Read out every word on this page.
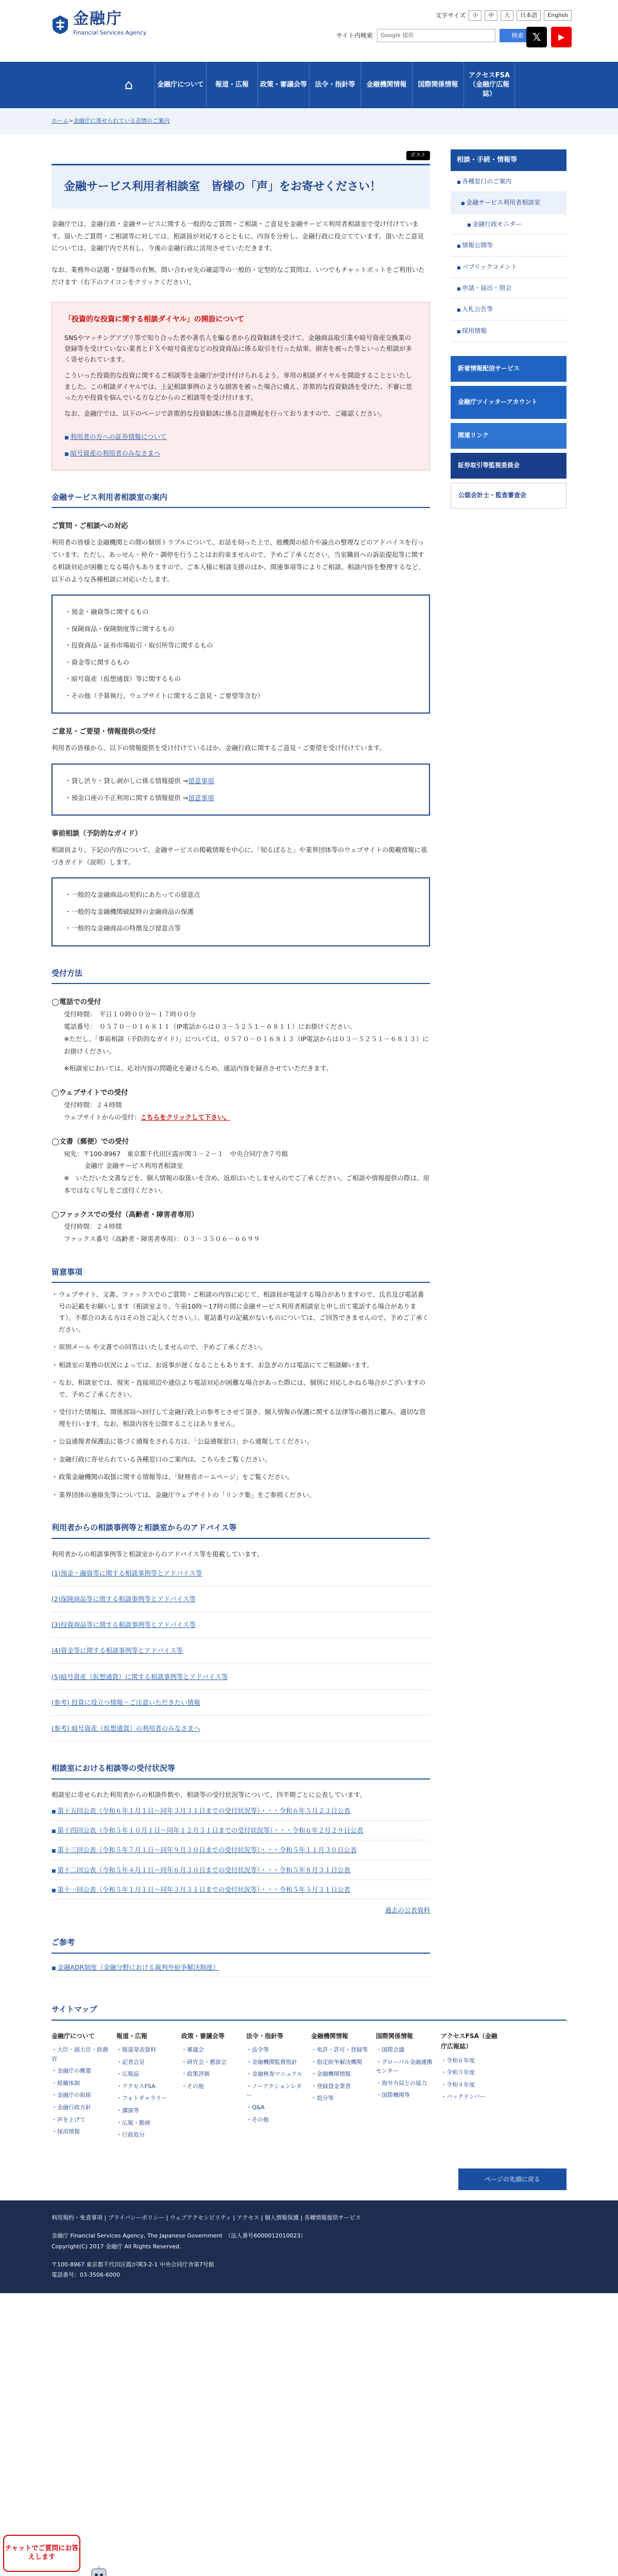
金融庁
Financial Services Agency
文字サイズ	小	中	大	日本語	English
サイト内検索	Google 提供	検索 𝕏	▶
⌂	金融庁について	報道・広報	政策・審議会等	法令・指針等	金融機関情報	国際関係情報
アクセスFSA（金融庁広報誌）
ホーム > 金融庁に寄せられている苦情のご案内
ポスト
金融サービス利用者相談室　皆様の「声」をお寄せください！

金融庁では、金融行政・金融サービスに関する一般的なご質問・ご相談・ご意見を金融サービス利用者相談室で受け付けています。頂いたご質問・ご相談等に対しては、相談員が対応するとともに、内容を分析し、金融行政に役立てています。頂いたご意見については、金融庁内で共有し、今後の金融行政に活用させていただきます。

なお、業務外の話題・登録等の有無、間い合わせ先の確認等の一般的・定型的なご質問は、いつでもチャットボットをご利用いただけます（右下のアイコンをクリックください）。

「投資的な投資に関する相談ダイヤル」の開設について

SNSやマッチングアプリ等で知り合った者や著名人を騙る者から投資勧誘を受けて、金融商品取引業や暗号資産交換業の登録等を受けていない業者とＦＸや暗号資産などの投資商品に係る取引を行った結果、損害を被った等といった相談が多く寄せられています。

こういった投資的な投資に関するご相談等を金融庁が受け付けられるよう、専用の相談ダイヤルを開設することといたしました。この相談ダイヤルでは、上記相談事例のような損害を被った場合に備え、詐欺的な投資勧誘を受けた、不審に思った方や投資を悩んでいる方などからのご相談等を受け付けます。

なお、金融庁では、以下のページで詐欺的な投資勧誘に係る注意喚起を行っておりますので、ご確認ください。

■ 利用者の方への証券情報について
■ 暗号資産の利用者のみなさまへ
金融サービス利用者相談室の案内
ご質問・ご相談への対応

利用者の皆様と金融機関との間の個別トラブルについて、お話を伺った上で、他機関の紹介や論点の整理などのアドバイスを行っています。ただし、あっせん・仲介・調停を行うことはお約束ませんので、予めご了承ください。当室職員への訴訟提起等に関する相談対応が困難となる場合もありますので、ご本人様に相談支援のほか、関連事項等によりご相談、相談内容を整理するなど、以下のような各種相談に対応いたします。

・ 預金・融資等に関するもの
・ 保険商品・保険制度等に関するもの
・ 投資商品・証券市場取引・取引所等に関するもの
・ 資金等に関するもの
・ 暗号資産（仮想通貨）等に関するもの
・ その他（予算執行、ウェブサイトに関するご意見・ご要望等含む）
ご意見・ご要望・情報提供の受付

利用者の皆様から、以下の情報提供を受け付けているほか、金融行政に関するご意見・ご要望を受け付けています。

・ 貸し渋り・貸し剥がしに係る情報提供 ⇒留意事項
・ 預金口座の不正利用に関する情報提供 ⇒留意事項
事前相談（予防的なガイド）

相談員より、下記の内容について、金融サービスの掲載情報を中心に、「知るぽると」や業界団体等のウェブサイトの掲載情報に基づきガイド（説明）します。

・ 一般的な金融商品の契約にあたっての留意点
・ 一般的な金融機関破綻時の金融商品の保護
・ 一般的な金融商品の特徴及び留意点等
受付方法
◯電話での受付

受付時間：　平日１０時００分～１７時００分

電話番号：　０５７０－０１６８１１（IP電話からは０３－５２５１－６８１１）にお掛けください。

※ただし、「事前相談（予防的なガイド）」については、０５７０－０１６８１３（IP電話からは０３－５２５１－６８１３）にお掛けください。

※相談室においては、応対内容の問題化を避けるため、通話内容を録音させていただきます。

◯ウェブサイトでの受付

受付時間：２４時間

ウェブサイトからの受付：こちらをクリックして下さい。

◯文書（郵便）での受付

宛先：〒100-8967　東京都千代田区霞が関３－２－１　中央合同庁舎７号館

金融庁 金融サービス利用者相談室

※　いただいた文書などを、個人情報の取扱いを含め、返却はいたしませんのでご了承ください。ご相談や情報提供の際は、原本ではなく写しをご送付ください。

◯ファックスでの受付（高齢者・障害者専用）

受付時間：２４時間

ファックス番号（高齢者・障害者専用）：０３－３５０６－６６９９

留意事項
・ ウェブサイト、文書、ファックスでのご質問・ご相談の内容に応じて、相談員が電話する場合がありますので、氏名及び電話番号の記載をお願いします（相談室より、午前10時～17時の間に金融サービス利用者相談室と申し出て電話する場合があります）。不都合のある方はその旨ご記入ください。）。電話番号の記載がないものについては、ご回答できませんので、予めご了承ください。
・ 原則メール や文書での回答はいたしませんので、予めご了承ください。
・ 相談室の業務の状況によっては、お返事が遅くなることもあります。お急ぎの方は電話にてご相談願います。
・ なお、相談室では、現実・直接周辺や通信より電話対応が困難な場合があった際には、個別に対応しかねる場合がございますので、予めご了承ください。
・ 受付けた情報は、関係部局へ回付して金融行政上の参考とさせて頂き、個人情報の保護に関する法律等の趣旨に鑑み、適切な管理を行います。なお、相談内容を公開することはありません。
・ 公益通報者保護法に基づく通報をされる方は、「公益通報窓口」から通報してください。
・ 金融行政に寄せられている各種窓口のご案内は、こちらをご覧ください。
・ 政策金融機関の取扱に関する情報等は、「財務省ホームページ」をご覧ください。
・ 業界団体の連絡先等については、金融庁ウェブサイトの「リンク集」をご参照ください。
利用者からの相談事例等と相談室からのアドバイス等

利用者からの相談事例等と相談室からのアドバイス等を掲載しています。

(1)預金・融資等に関する相談事例等とアドバイス等
(2)保険商品等に関する相談事例等とアドバイス等
(3)投資商品等に関する相談事例等とアドバイス等
(4)資金等に関する相談事例等とアドバイス等
(5)暗号資産（仮想通貨）に関する相談事例等とアドバイス等
(参考) 投資に役立つ情報～ご注意いただきたい情報
(参考) 暗号資産（仮想通貨）の利用者のみなさまへ
相談室における相談等の受付状況等

相談室に寄せられた利用者からの相談件数や、相談等の受付状況等について、四半期ごとに公表しています。

■ 第十五回公表（令和６年１月１日～同年３月３１日までの受付状況等）・・・令和６年５月２３日公表
■ 第十四回公表（令和５年１０月１日～同年１２月３１日までの受付状況等）・・・令和６年２月２９日公表
■ 第十三回公表（令和５年７月１日～同年９月３０日までの受付状況等）・・・令和５年１１月３０日公表
■ 第十二回公表（令和５年４月１日～同年６月３０日までの受付状況等）・・・令和５年８月３１日公表
■ 第十一回公表（令和５年１月１日～同年３月３１日までの受付状況等）・・・令和５年５月３１日公表
過去の公表資料
ご参考
■ 金融ADR制度（金融分野における裁判外紛争解決制度）
相談・手続・情報等
■ 各種窓口のご案内
■ 金融サービス利用者相談室
■ 金融行政モニター
■ 情報公開等
■ パブリックコメント
■ 申請・届出・照会
■ 入札公告等
■ 採用情報
新着情報配信サービス
金融庁ツイッターアカウント
関連リンク
証券取引等監視委員会
公認会計士・監査審査会
サイトマップ
金融庁について
・ 大臣・副大臣・政務官
・ 金融庁の概要
・ 組織体制
・ 金融庁の取組
・ 金融行政方針
・ 声を上げて
・ 採用情報
報道・広報
・ 報道発表資料
・ 記者会見
・ 広報誌
・ アクセスFSA
・ フォトギャラリー
・ 講演等
・ 広報・動画
・ 行政処分
政策・審議会等
・ 審議会
・ 研究会・懇談会
・ 政策評価
・ その他
法令・指針等
・ 法令等
・ 金融機関監督指針
・ 金融検査マニュアル
・ ノーアクションレター
・ Q&A
・ その他
金融機関情報
・ 免許・許可・登録等
・ 指定紛争解決機関
・ 金融機関情報
・ 登録貸金業者
・ 処分等
国際関係情報
・ 国際会議
・ グローバル金融連携センター
・ 海外当局との協力
・ 国際機関等
アクセスFSA（金融庁広報誌）
・ 令和６年度
・ 令和５年度
・ 令和４年度
・ バックナンバー
ページの先頭に戻る

利用規約・免責事項 | プライバシーポリシー | ウェブアクセシビリティ | アクセス | 個人情報保護 | 各種情報提供サービス

金融庁 Financial Services Agency, The Japanese Government　（法人番号6000012010023）

Copyright(C) 2017 金融庁 All Rights Reserved.

〒100-8967 東京都千代田区霞が関3-2-1 中央合同庁舎第7号館

電話番号：03-3506-6000

チャットでご質問にお答えします
